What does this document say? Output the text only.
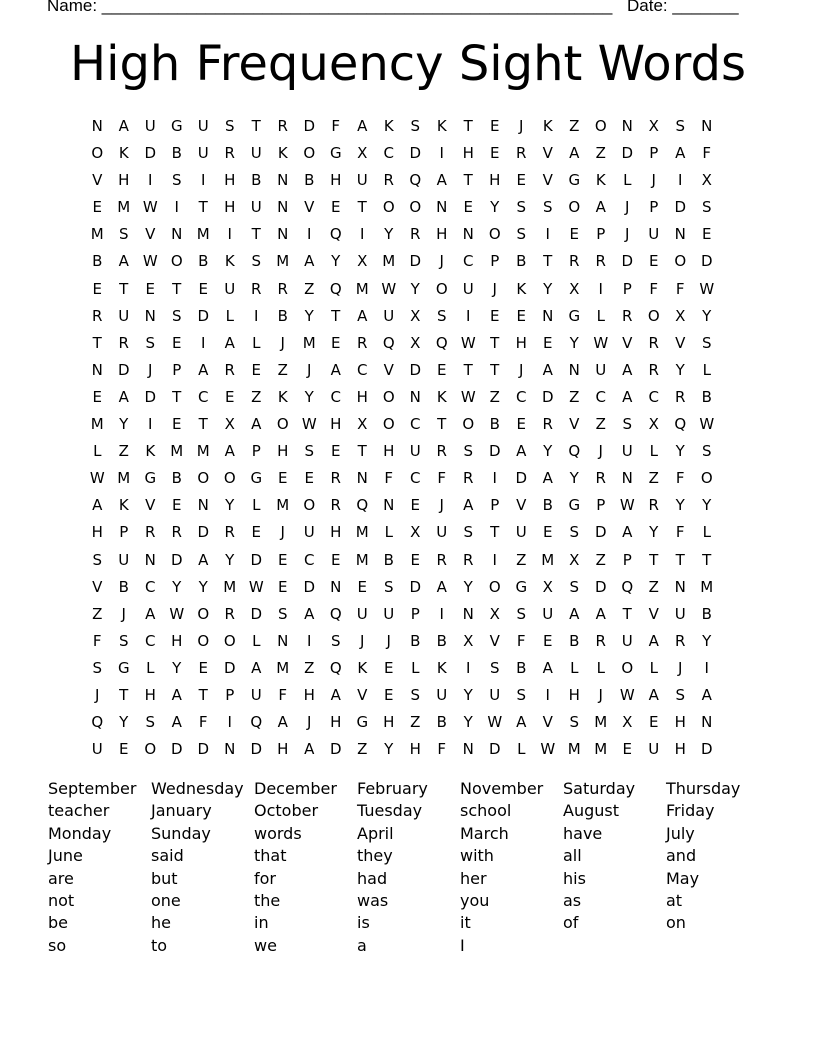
Name: ______________________________________________________ Date: _______
High Frequency Sight Words
N	A	U	G	U	S	T	R	D	F	A	K	S	K	T	E	J	K	Z	O N	X	S	N
O	K	D	B	U	R	U	K	O G	X	C	D	I	H	E	R	V	A	Z	D	P	A	F
V	H	I	S	I	H	B	N	B	H	U	R	Q	A	T	H	E	V	G	K	L	J	I	X
E	M W	I	T	H	U	N	V	E	T	O O N	E	Y	S	S	O	A	J	P	D	S
M	S	V	N M	I	T	N	I	Q	I	Y	R	H	N O	S	I	E	P	J	U	N	E
B	A W O	B	K	S	M A	Y	X M D	J	C	P	B	T	R	R	D	E	O D
E	T	E	T	E	U	R	R	Z	Q M W Y	O	U	J	K	Y	X	I	P	F	F W
R	U	N	S	D	L	I	B	Y	T	A	U	X	S	I	E	E	N	G	L	R	O	X	Y
T	R	S	E	I	A	L	J	M	E	R	Q	X	Q W T	H	E	Y W V	R	V	S
N	D	J	P	A	R	E	Z	J	A	C	V	D	E	T	T	J	A	N	U	A	R	Y	L
E	A	D	T	C	E	Z	K	Y	C	H O N	K W Z	C	D	Z	C	A	C	R	B
M	Y	I	E	T	X	A	O W H	X	O	C	T	O	B	E	R	V	Z	S	X	Q W
L	Z	K	M M A	P	H	S	E	T	H	U	R	S	D	A	Y	Q	J	U	L	Y	S
W M G	B	O O G	E	E	R	N	F	C	F	R	I	D	A	Y	R	N	Z	F	O
A	K	V	E	N	Y	L	M O	R	Q N	E	J	A	P	V	B	G	P W R	Y	Y
H	P	R	R	D	R	E	J	U	H M	L	X	U	S	T	U	E	S	D	A	Y	F	L
S	U	N	D	A	Y	D	E	C	E	M B	E	R	R	I	Z M X	Z	P	T	T	T
V	B	C	Y	Y	M W E	D	N	E	S	D	A	Y	O G	X	S	D Q	Z	N M
Z	J	A W O	R	D	S	A	Q	U	U	P	I	N	X	S	U	A	A	T	V	U	B
F	S	C	H O O	L	N	I	S	J	J	B	B	X	V	F	E	B	R	U	A	R	Y
S	G	L	Y	E	D	A M Z	Q	K	E	L	K	I	S	B	A	L	L	O	L	J	I
J	T	H	A	T	P	U	F	H	A	V	E	S	U	Y	U	S	I	H	J	W A	S	A
Q	Y	S	A	F	I	Q	A	J	H	G	H	Z	B	Y W A	V	S	M X	E	H	N
U	E	O D D	N	D	H	A	D	Z	Y	H	F	N	D	L W M M	E	U	H	D
September Wednesday December	February	November	Saturday	Thursday
teacher	January	October	Tuesday	school	August	Friday
Monday	Sunday	words	April	March	have	July
June	said	that	they	with	all	and
are	but	for	had	her	his	May
not	one	the	was	you	as	at
be	he	in	is	it	of	on
so	to	we	a	I
